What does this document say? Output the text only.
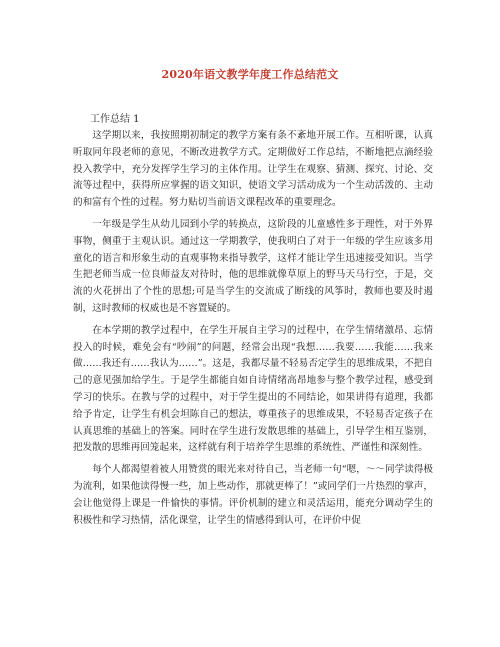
2020年语文教学年度工作总结范文
工作总结 1

这学期以来，我按照期初制定的教学方案有条不紊地开展工作。互相听课，认真听取同年段老师的意见，不断改进教学方式。定期做好工作总结，不断地把点滴经验投入教学中，充分发挥学生学习的主体作用。让学生在观察、猜测、探究、讨论、交流等过程中，获得所应掌握的语文知识，使语文学习活动成为一个生动活泼的、主动的和富有个性的过程。努力贴切当前语文课程改革的重要理念。

一年级是学生从幼儿园到小学的转换点，这阶段的儿童感性多于理性，对于外界事物，侧重于主观认识。通过这一学期教学，使我明白了对于一年级的学生应该多用童化的语言和形象生动的直观事物来指导教学，这样才能让学生迅速接受知识。当学生把老师当成一位良师益友对待时，他的思维就像草原上的野马天马行空，于是，交流的火花拼出了个性的思想;可是当学生的交流成了断线的风筝时，教师也要及时遏制，这时教师的权威也是不容置疑的。

在本学期的教学过程中，在学生开展自主学习的过程中，在学生情绪激昂、忘情投入的时候，难免会有“吵闹”的问题，经常会出现“我想……我要……我能……我来做……我还有……我认为……”。这是，我都尽量不轻易否定学生的思维成果，不把自己的意见强加给学生。于是学生都能自如自诗情绪高昂地参与整个教学过程，感受到学习的快乐。在教与学的过程中，对于学生提出的不同结论，如果讲得有道理，我都给予肯定，让学生有机会坦陈自己的想法，尊重孩子的思维成果，不轻易否定孩子在认真思维的基础上的答案。同时在学生进行发散思维的基础上，引导学生相互鉴别，把发散的思维再回笼起来，这样就有利于培养学生思维的系统性、严谨性和深刻性。

每个人都渴望着被人用赞赏的眼光来对待自己，当老师一句“嗯，～～同学读得极为流利，如果他读得慢一些，加上些动作，那就更棒了！”或同学们一片热烈的掌声，会让他觉得上课是一件愉快的事情。评价机制的建立和灵活运用，能充分调动学生的积极性和学习热情，活化课堂，让学生的情感得到认可，在评价中促
